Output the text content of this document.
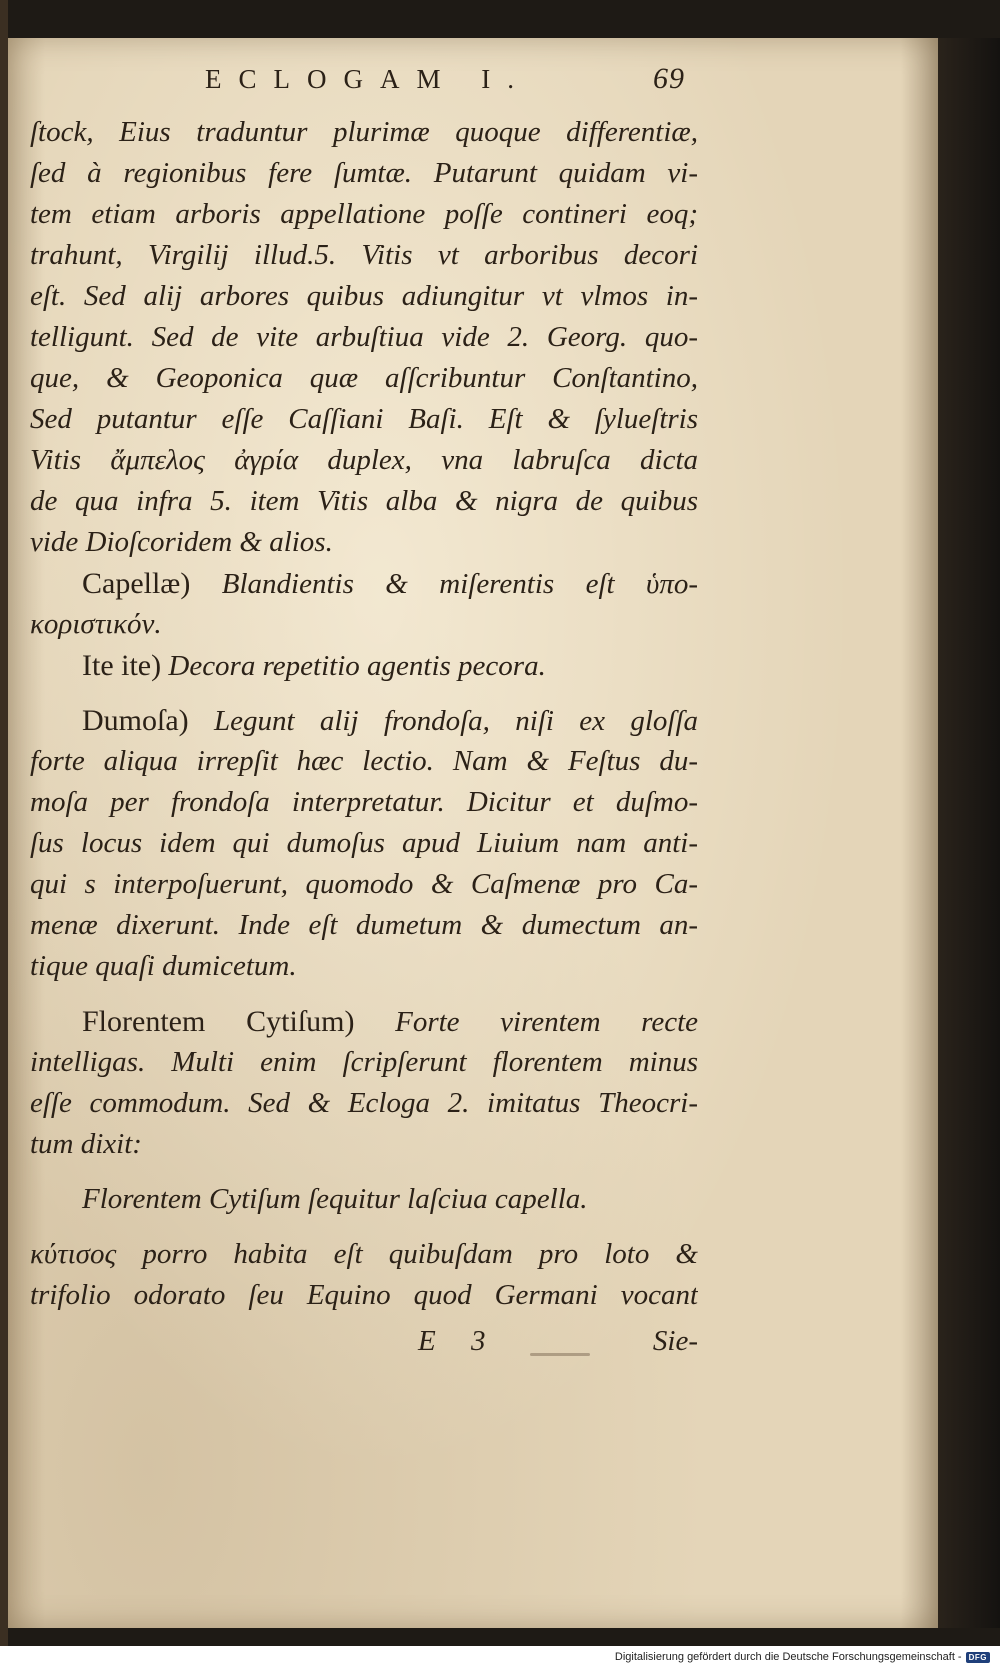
ECLOGAM I.	69
ſtock, Eius traduntur plurimæ quoque differentiæ,
ſed à regionibus fere ſumtæ. Putarunt quidam vi-
tem etiam arboris appellatione poſſe contineri eoq;
trahunt, Virgilij illud.5. Vitis vt arboribus decori
eſt. Sed alij arbores quibus adiungitur vt vlmos in-
telligunt. Sed de vite arbuſtiua vide 2. Georg. quo-
que, & Geoponica quæ aſſcribuntur Conſtantino,
Sed putantur eſſe Caſſiani Baſi. Eſt & ſylueſtris
Vitis ἄμπελος ἀγρία duplex, vna labruſca dicta
de qua infra 5. item Vitis alba & nigra de quibus
vide Dioſcoridem & alios.
Capellæ) Blandientis & miſerentis eſt ὑπο-
κοριστικόν.
Ite ite) Decora repetitio agentis pecora.
Dumoſa) Legunt alij frondoſa, niſi ex gloſſa
forte aliqua irrepſit hæc lectio. Nam & Feſtus du-
moſa per frondoſa interpretatur. Dicitur et duſmo-
ſus locus idem qui dumoſus apud Liuium nam anti-
qui s interpoſuerunt, quomodo & Caſmenæ pro Ca-
menæ dixerunt. Inde eſt dumetum & dumectum an-
tique quaſi dumicetum.
Florentem Cytiſum) Forte virentem recte
intelligas. Multi enim ſcripſerunt florentem minus
eſſe commodum. Sed & Ecloga 2. imitatus Theocri-
tum dixit:
Florentem Cytiſum ſequitur laſciua capella.
κύτισος porro habita eſt quibuſdam pro loto &
trifolio odorato ſeu Equino quod Germani vocant
E 3	Sie-
Digitalisierung gefördert durch die Deutsche Forschungsgemeinschaft - DFG
